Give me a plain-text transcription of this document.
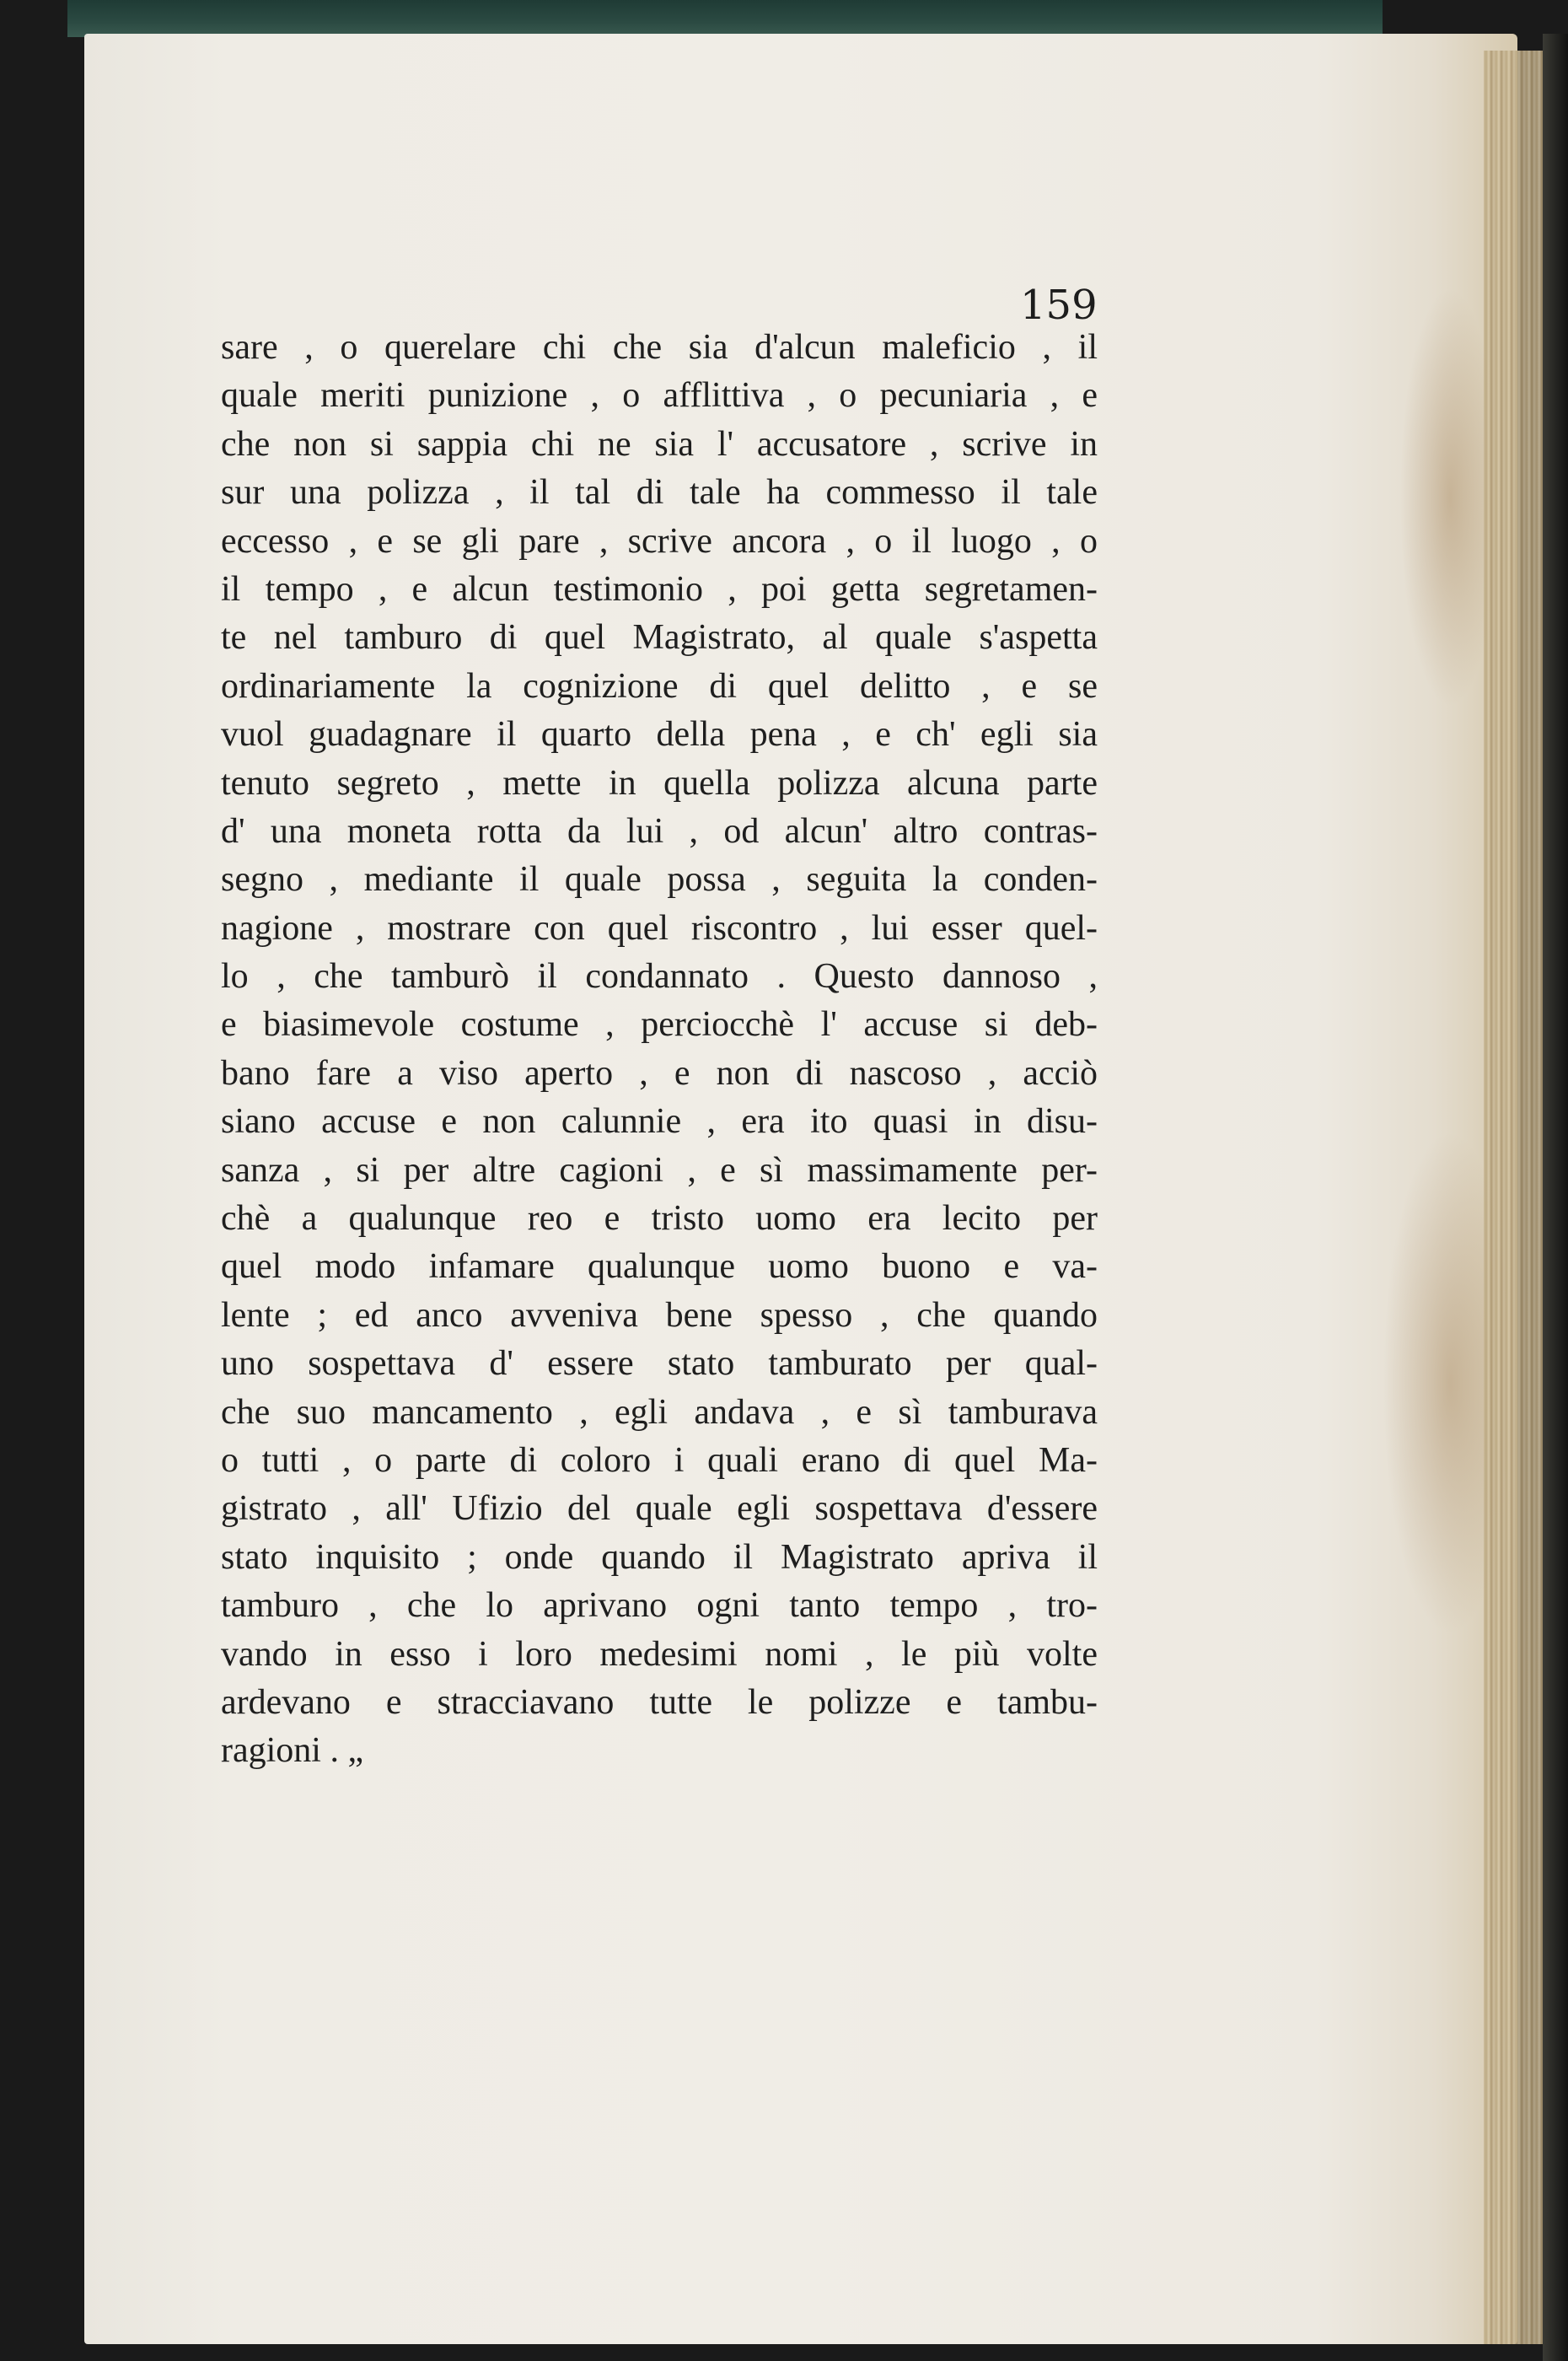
159

sare , o querelare chi che sia d'alcun maleficio , il
quale meriti punizione , o afflittiva , o pecuniaria , e
che non si sappia chi ne sia l' accusatore , scrive in
sur una polizza , il tal di tale ha commesso il tale
eccesso , e se gli pare , scrive ancora , o il luogo , o
il tempo , e alcun testimonio , poi getta segretamen-
te nel tamburo di quel Magistrato, al quale s'aspetta
ordinariamente la cognizione di quel delitto , e se
vuol guadagnare il quarto della pena , e ch' egli sia
tenuto segreto , mette in quella polizza alcuna parte
d' una moneta rotta da lui , od alcun' altro contras-
segno , mediante il quale possa , seguita la conden-
nagione , mostrare con quel riscontro , lui esser quel-
lo , che tamburò il condannato . Questo dannoso ,
e biasimevole costume , perciocchè l' accuse si deb-
bano fare a viso aperto , e non di nascoso , acciò
siano accuse e non calunnie , era ito quasi in disu-
sanza , si per altre cagioni , e sì massimamente per-
chè a qualunque reo e tristo uomo era lecito per
quel modo infamare qualunque uomo buono e va-
lente ; ed anco avveniva bene spesso , che quando
uno sospettava d' essere stato tamburato per qual-
che suo mancamento , egli andava , e sì tamburava
o tutti , o parte di coloro i quali erano di quel Ma-
gistrato , all' Ufizio del quale egli sospettava d'essere
stato inquisito ; onde quando il Magistrato apriva il
tamburo , che lo aprivano ogni tanto tempo , tro-
vando in esso i loro medesimi nomi , le più volte
ardevano e stracciavano tutte le polizze e tambu-
ragioni . „
